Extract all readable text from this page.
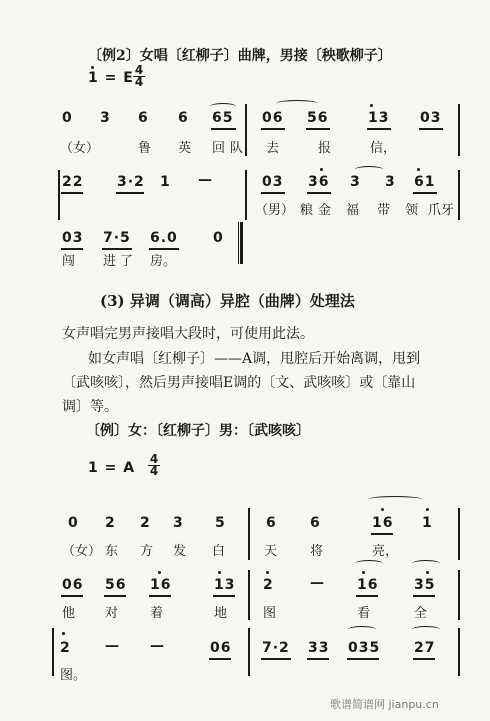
〔例2〕女唱〔红柳子〕曲牌，男接〔秧歌柳子〕
1 = E $\frac{4}{4}$
0 3 6 6 65 06 56	13 03
（女）	鲁 英 回 队 去	报	信，
22 3·2 1 —	03 36 3 3 61
（男） 粮 金 福 带 领 爪牙
03 7·5 6.0	0
闯 进 了 房。
(3) 异调（调高）异腔（曲牌）处理法
女声唱完男声接唱大段时，可使用此法。
如女声唱〔红柳子〕——A调，甩腔后开始离调，甩到
〔武咳咳〕，然后男声接唱E调的〔文、武咳咳〕或〔靠山
调〕等。
〔例〕女：〔红柳子〕男：〔武咳咳〕
1 = A $\frac{4}{4}$
0 2 2 3 5	6 6	16 1
（女） 东 方 发 白	天	将	亮，
06 56 16	13 2	— 16	35
他 对 着	地	图	看	全
2 — —	06 7·2 33 035 27
图。
歌谱简谱网 jianpu.cn
